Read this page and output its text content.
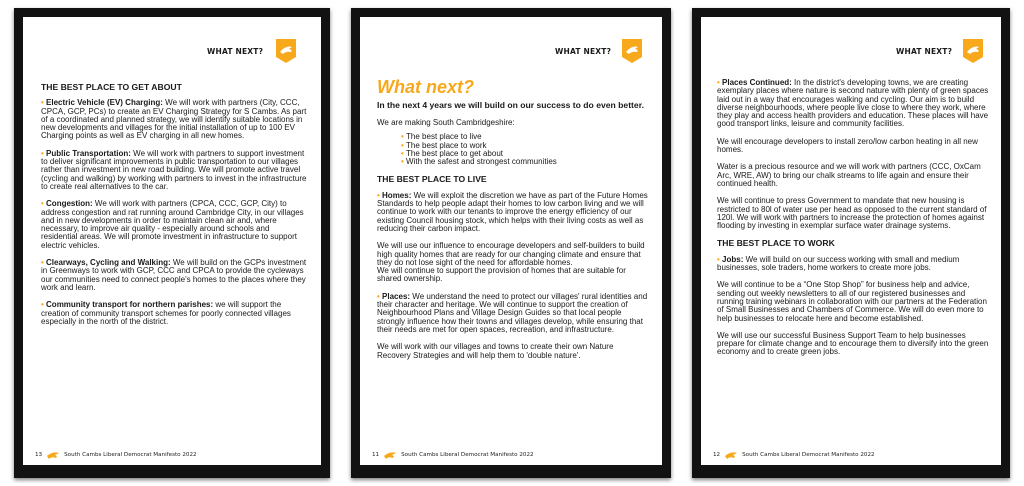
WHAT NEXT?
THE BEST PLACE TO GET ABOUT
• Electric Vehicle (EV) Charging: We will work with partners (City, CCC, CPCA, GCP, PCs) to create an EV Charging Strategy for S Cambs. As part of a coordinated and planned strategy, we will identify suitable locations in new developments and villages for the initial installation of up to 100 EV Charging points as well as EV charging in all new homes.
• Public Transportation: We will work with partners to support investment to deliver significant improvements in public transportation to our villages rather than investment in new road building. We will promote active travel (cycling and walking) by working with partners to invest in the infrastructure to create real alternatives to the car.
• Congestion: We will work with partners (CPCA, CCC, GCP, City) to address congestion and rat running around Cambridge City, in our villages and in new developments in order to maintain clean air and, where necessary, to improve air quality - especially around schools and residential areas. We will promote investment in infrastructure to support electric vehicles.
• Clearways, Cycling and Walking: We will build on the GCPs investment in Greenways to work with GCP, CCC and CPCA to provide the cycleways our communities need to connect people's homes to the places where they work and learn.
• Community transport for northern parishes: we will support the creation of community transport schemes for poorly connected villages especially in the north of the district.
13	South Cambs Liberal Democrat Manifesto 2022
WHAT NEXT?
What next?
In the next 4 years we will build on our success to do even better.
We are making South Cambridgeshire:
• The best place to live
• The best place to work
• The best place to get about
• With the safest and strongest communities
THE BEST PLACE TO LIVE
• Homes: We will exploit the discretion we have as part of the Future Homes Standards to help people adapt their homes to low carbon living and we will continue to work with our tenants to improve the energy efficiency of our existing Council housing stock, which helps with their living costs as well as reducing their carbon impact.
We will use our influence to encourage developers and self-builders to build high quality homes that are ready for our changing climate and ensure that they do not lose sight of the need for affordable homes.
We will continue to support the provision of homes that are suitable for shared ownership.
• Places: We understand the need to protect our villages' rural identities and their character and heritage. We will continue to support the creation of Neighbourhood Plans and Village Design Guides so that local people strongly influence how their towns and villages develop, while ensuring that their needs are met for open spaces, recreation, and infrastructure.
We will work with our villages and towns to create their own Nature Recovery Strategies and will help them to 'double nature'.
11	South Cambs Liberal Democrat Manifesto 2022
WHAT NEXT?
• Places Continued: In the district's developing towns, we are creating exemplary places where nature is second nature with plenty of green spaces laid out in a way that encourages walking and cycling. Our aim is to build diverse neighbourhoods, where people live close to where they work, where they play and access health providers and education. These places will have good transport links, leisure and community facilities.
We will encourage developers to install zero/low carbon heating in all new homes.
Water is a precious resource and we will work with partners (CCC, OxCam Arc, WRE, AW) to bring our chalk streams to life again and ensure their continued health.
We will continue to press Government to mandate that new housing is restricted to 80l of water use per head as opposed to the current standard of 120l. We will work with partners to increase the protection of homes against flooding by investing in exemplar surface water drainage systems.
THE BEST PLACE TO WORK
• Jobs: We will build on our success working with small and medium businesses, sole traders, home workers to create more jobs.
We will continue to be a “One Stop Shop” for business help and advice, sending out weekly newsletters to all of our registered businesses and running training webinars in collaboration with our partners at the Federation of Small Businesses and Chambers of Commerce. We will do even more to help businesses to relocate here and become established.
We will use our successful Business Support Team to help businesses prepare for climate change and to encourage them to diversify into the green economy and to create green jobs.
12	South Cambs Liberal Democrat Manifesto 2022
